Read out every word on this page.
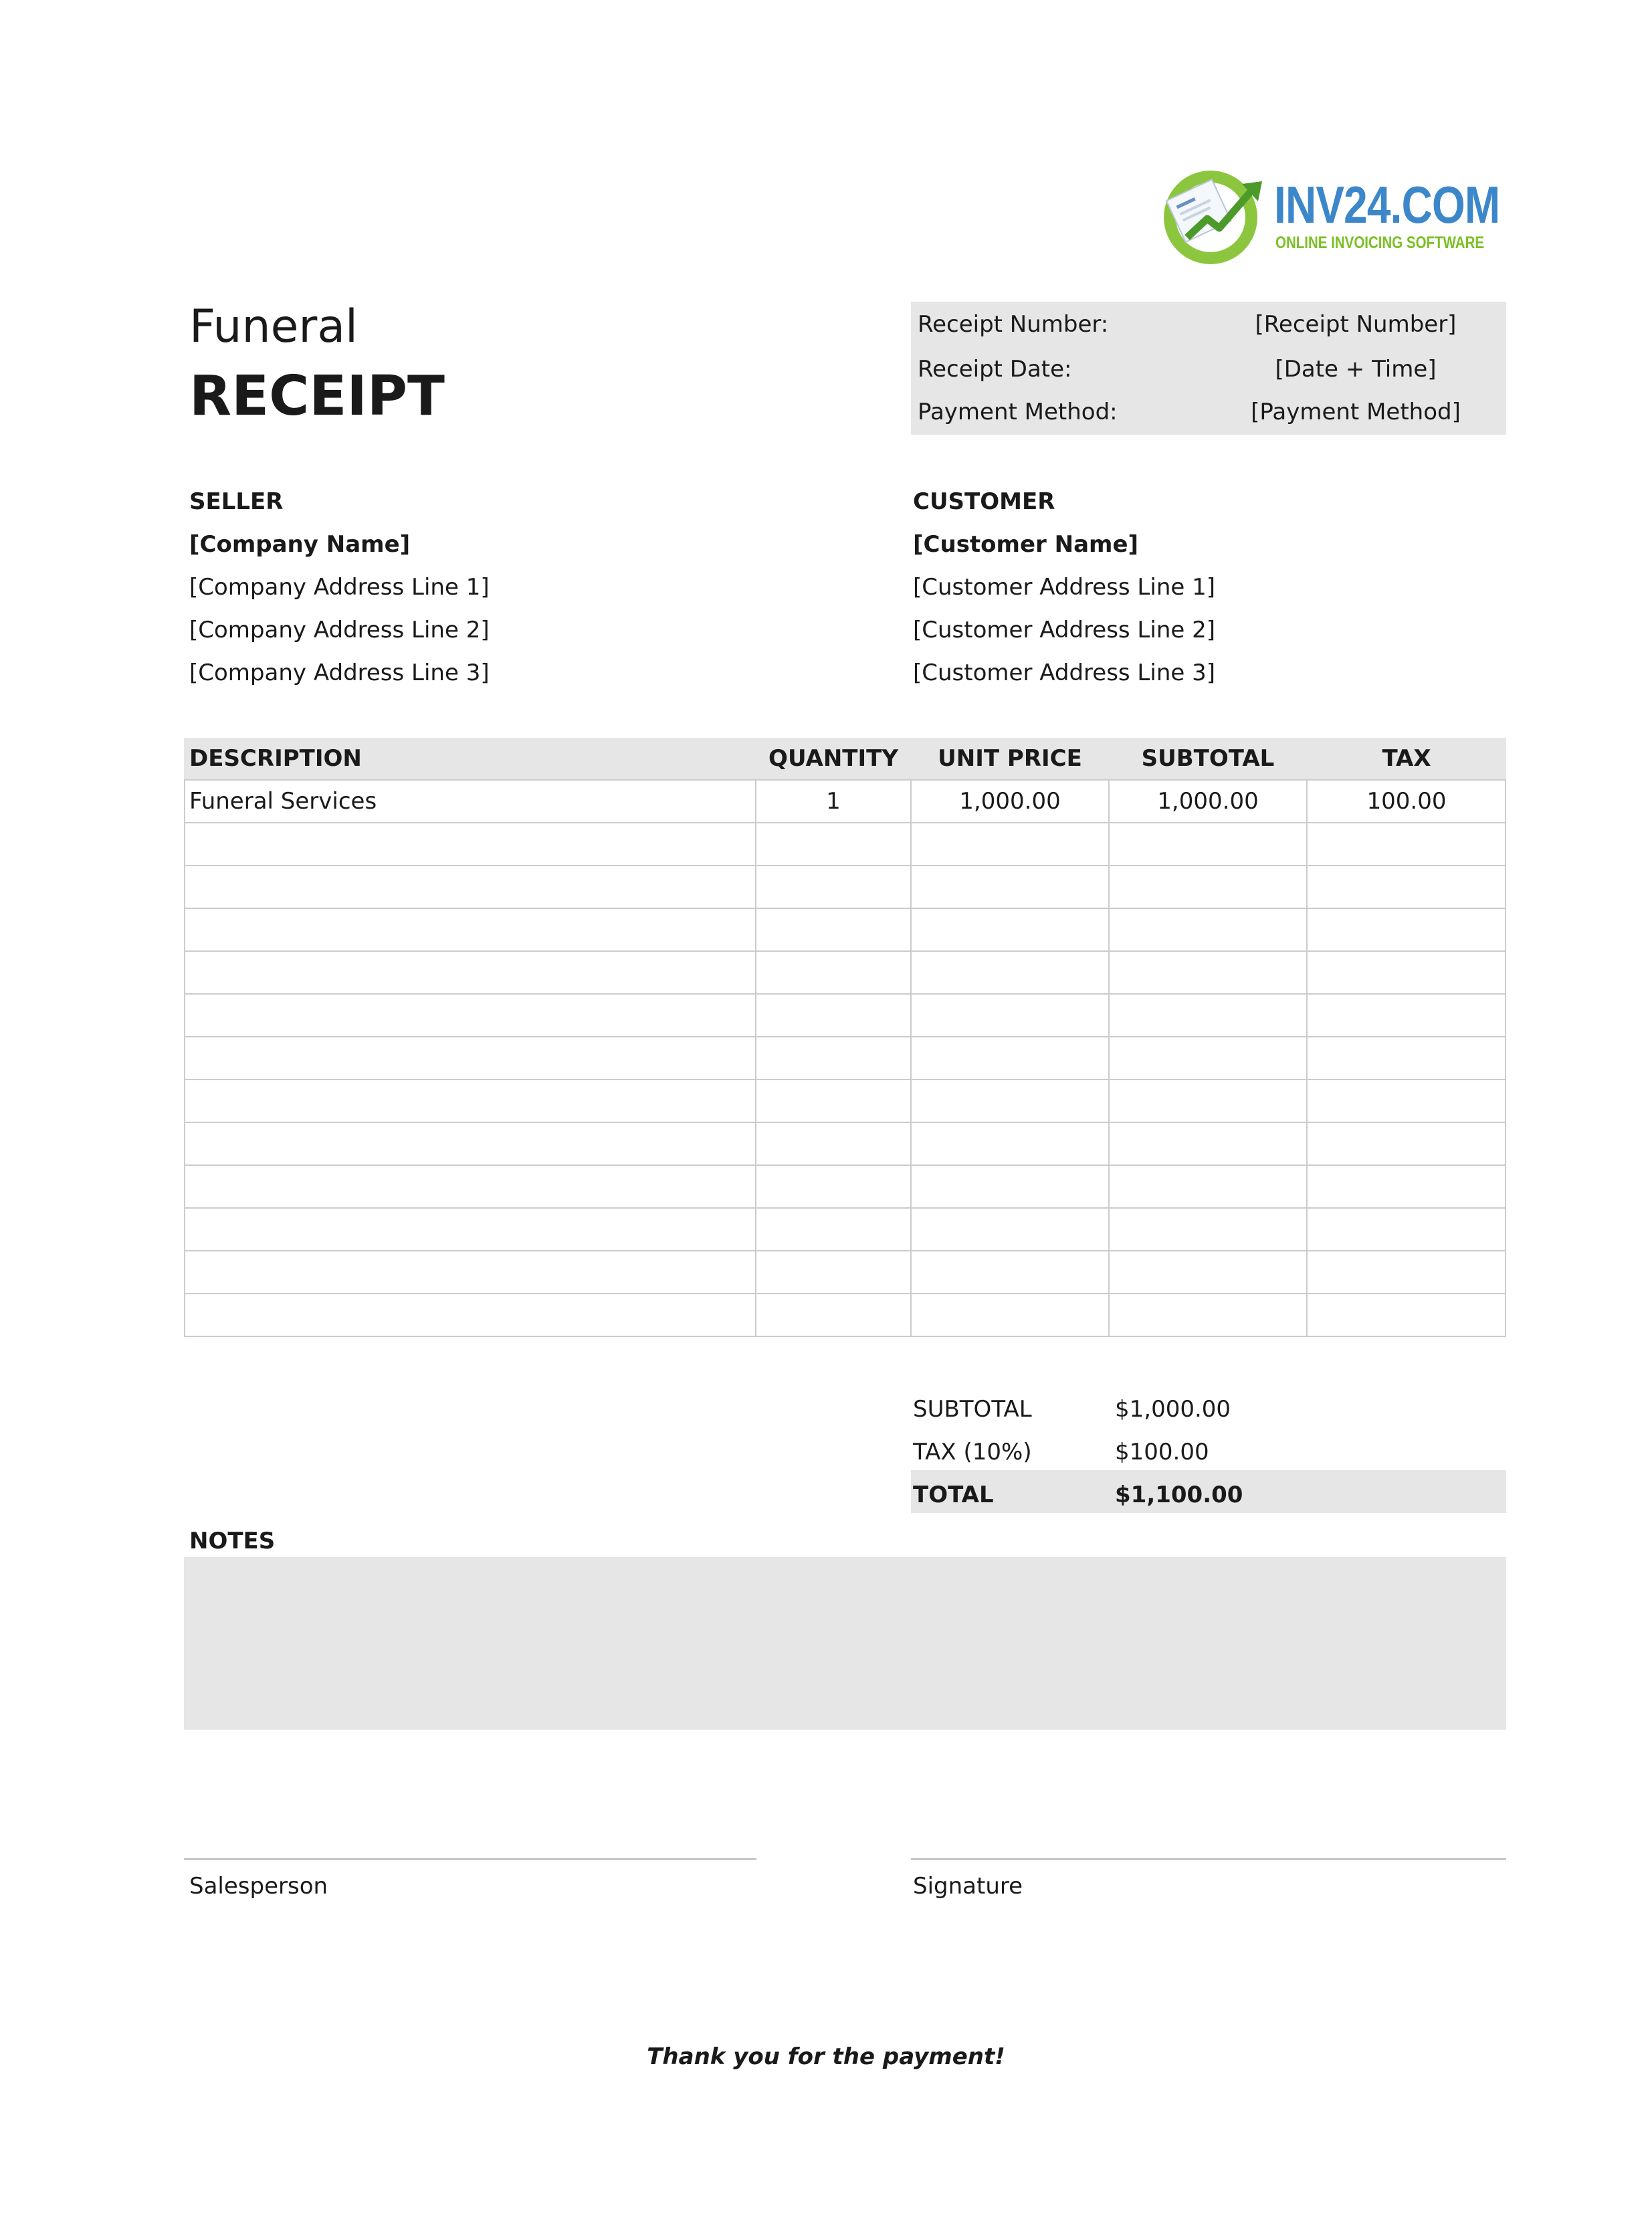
INV24.COM
ONLINE INVOICING SOFTWARE
Funeral
RECEIPT
Receipt Number:	[Receipt Number]
Receipt Date:	[Date + Time]
Payment Method:	[Payment Method]
SELLER
[Company Name]
[Company Address Line 1]
[Company Address Line 2]
[Company Address Line 3]
CUSTOMER
[Customer Name]
[Customer Address Line 1]
[Customer Address Line 2]
[Customer Address Line 3]
DESCRIPTION	QUANTITY	UNIT PRICE	SUBTOTAL	TAX
Funeral Services	1	1,000.00	1,000.00	100.00
SUBTOTAL	$1,000.00
TAX (10%)	$100.00
TOTAL	$1,100.00
NOTES
Salesperson	Signature
Thank you for the payment!
